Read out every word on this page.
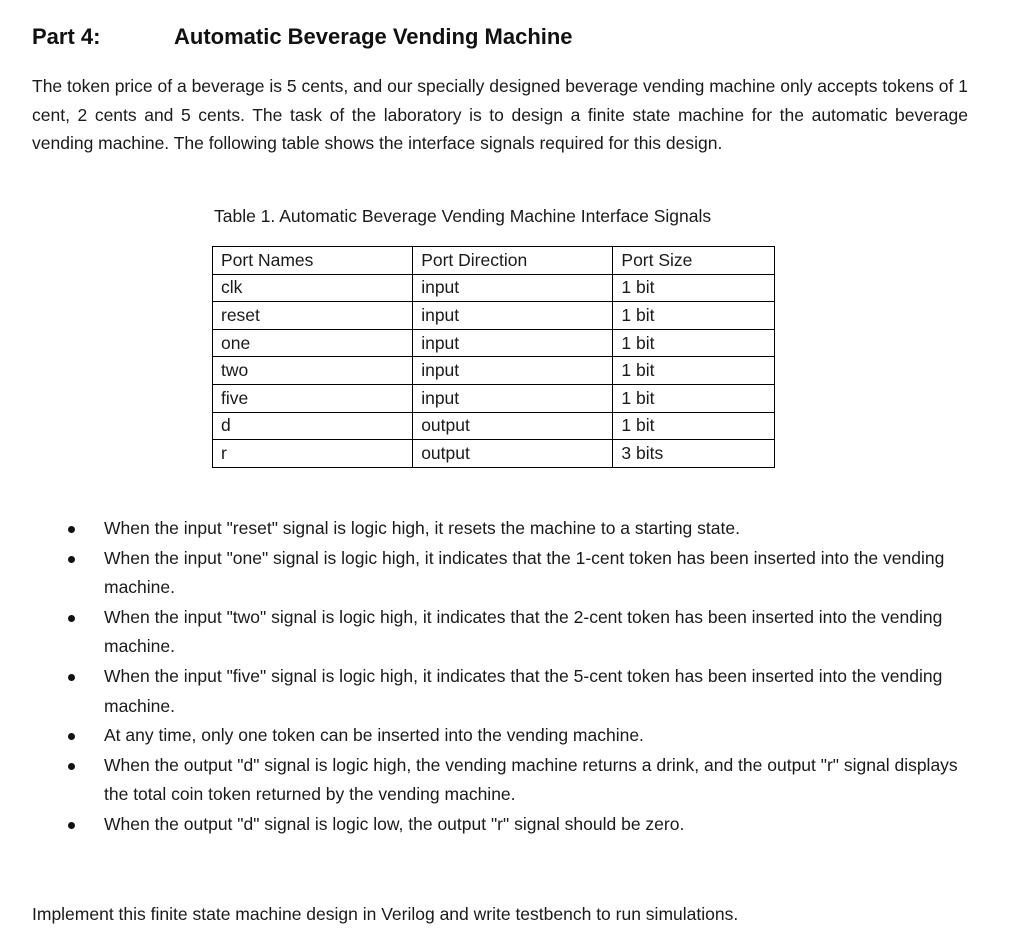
Part 4:	Automatic Beverage Vending Machine

The token price of a beverage is 5 cents, and our specially designed beverage vending machine only accepts tokens of 1 cent, 2 cents and 5 cents. The task of the laboratory is to design a finite state machine for the automatic beverage vending machine. The following table shows the interface signals required for this design.

Table 1. Automatic Beverage Vending Machine Interface Signals

Port Names	Port Direction	Port Size
clk	input	1 bit
reset	input	1 bit
one	input	1 bit
two	input	1 bit
five	input	1 bit
d	output	1 bit
r	output	3 bits
When the input "reset" signal is logic high, it resets the machine to a starting state.
When the input "one" signal is logic high, it indicates that the 1-cent token has been inserted into the vending machine.
When the input "two" signal is logic high, it indicates that the 2-cent token has been inserted into the vending machine.
When the input "five" signal is logic high, it indicates that the 5-cent token has been inserted into the vending machine.
At any time, only one token can be inserted into the vending machine.
When the output "d" signal is logic high, the vending machine returns a drink, and the output "r" signal displays the total coin token returned by the vending machine.
When the output "d" signal is logic low, the output "r" signal should be zero.

Implement this finite state machine design in Verilog and write testbench to run simulations.
